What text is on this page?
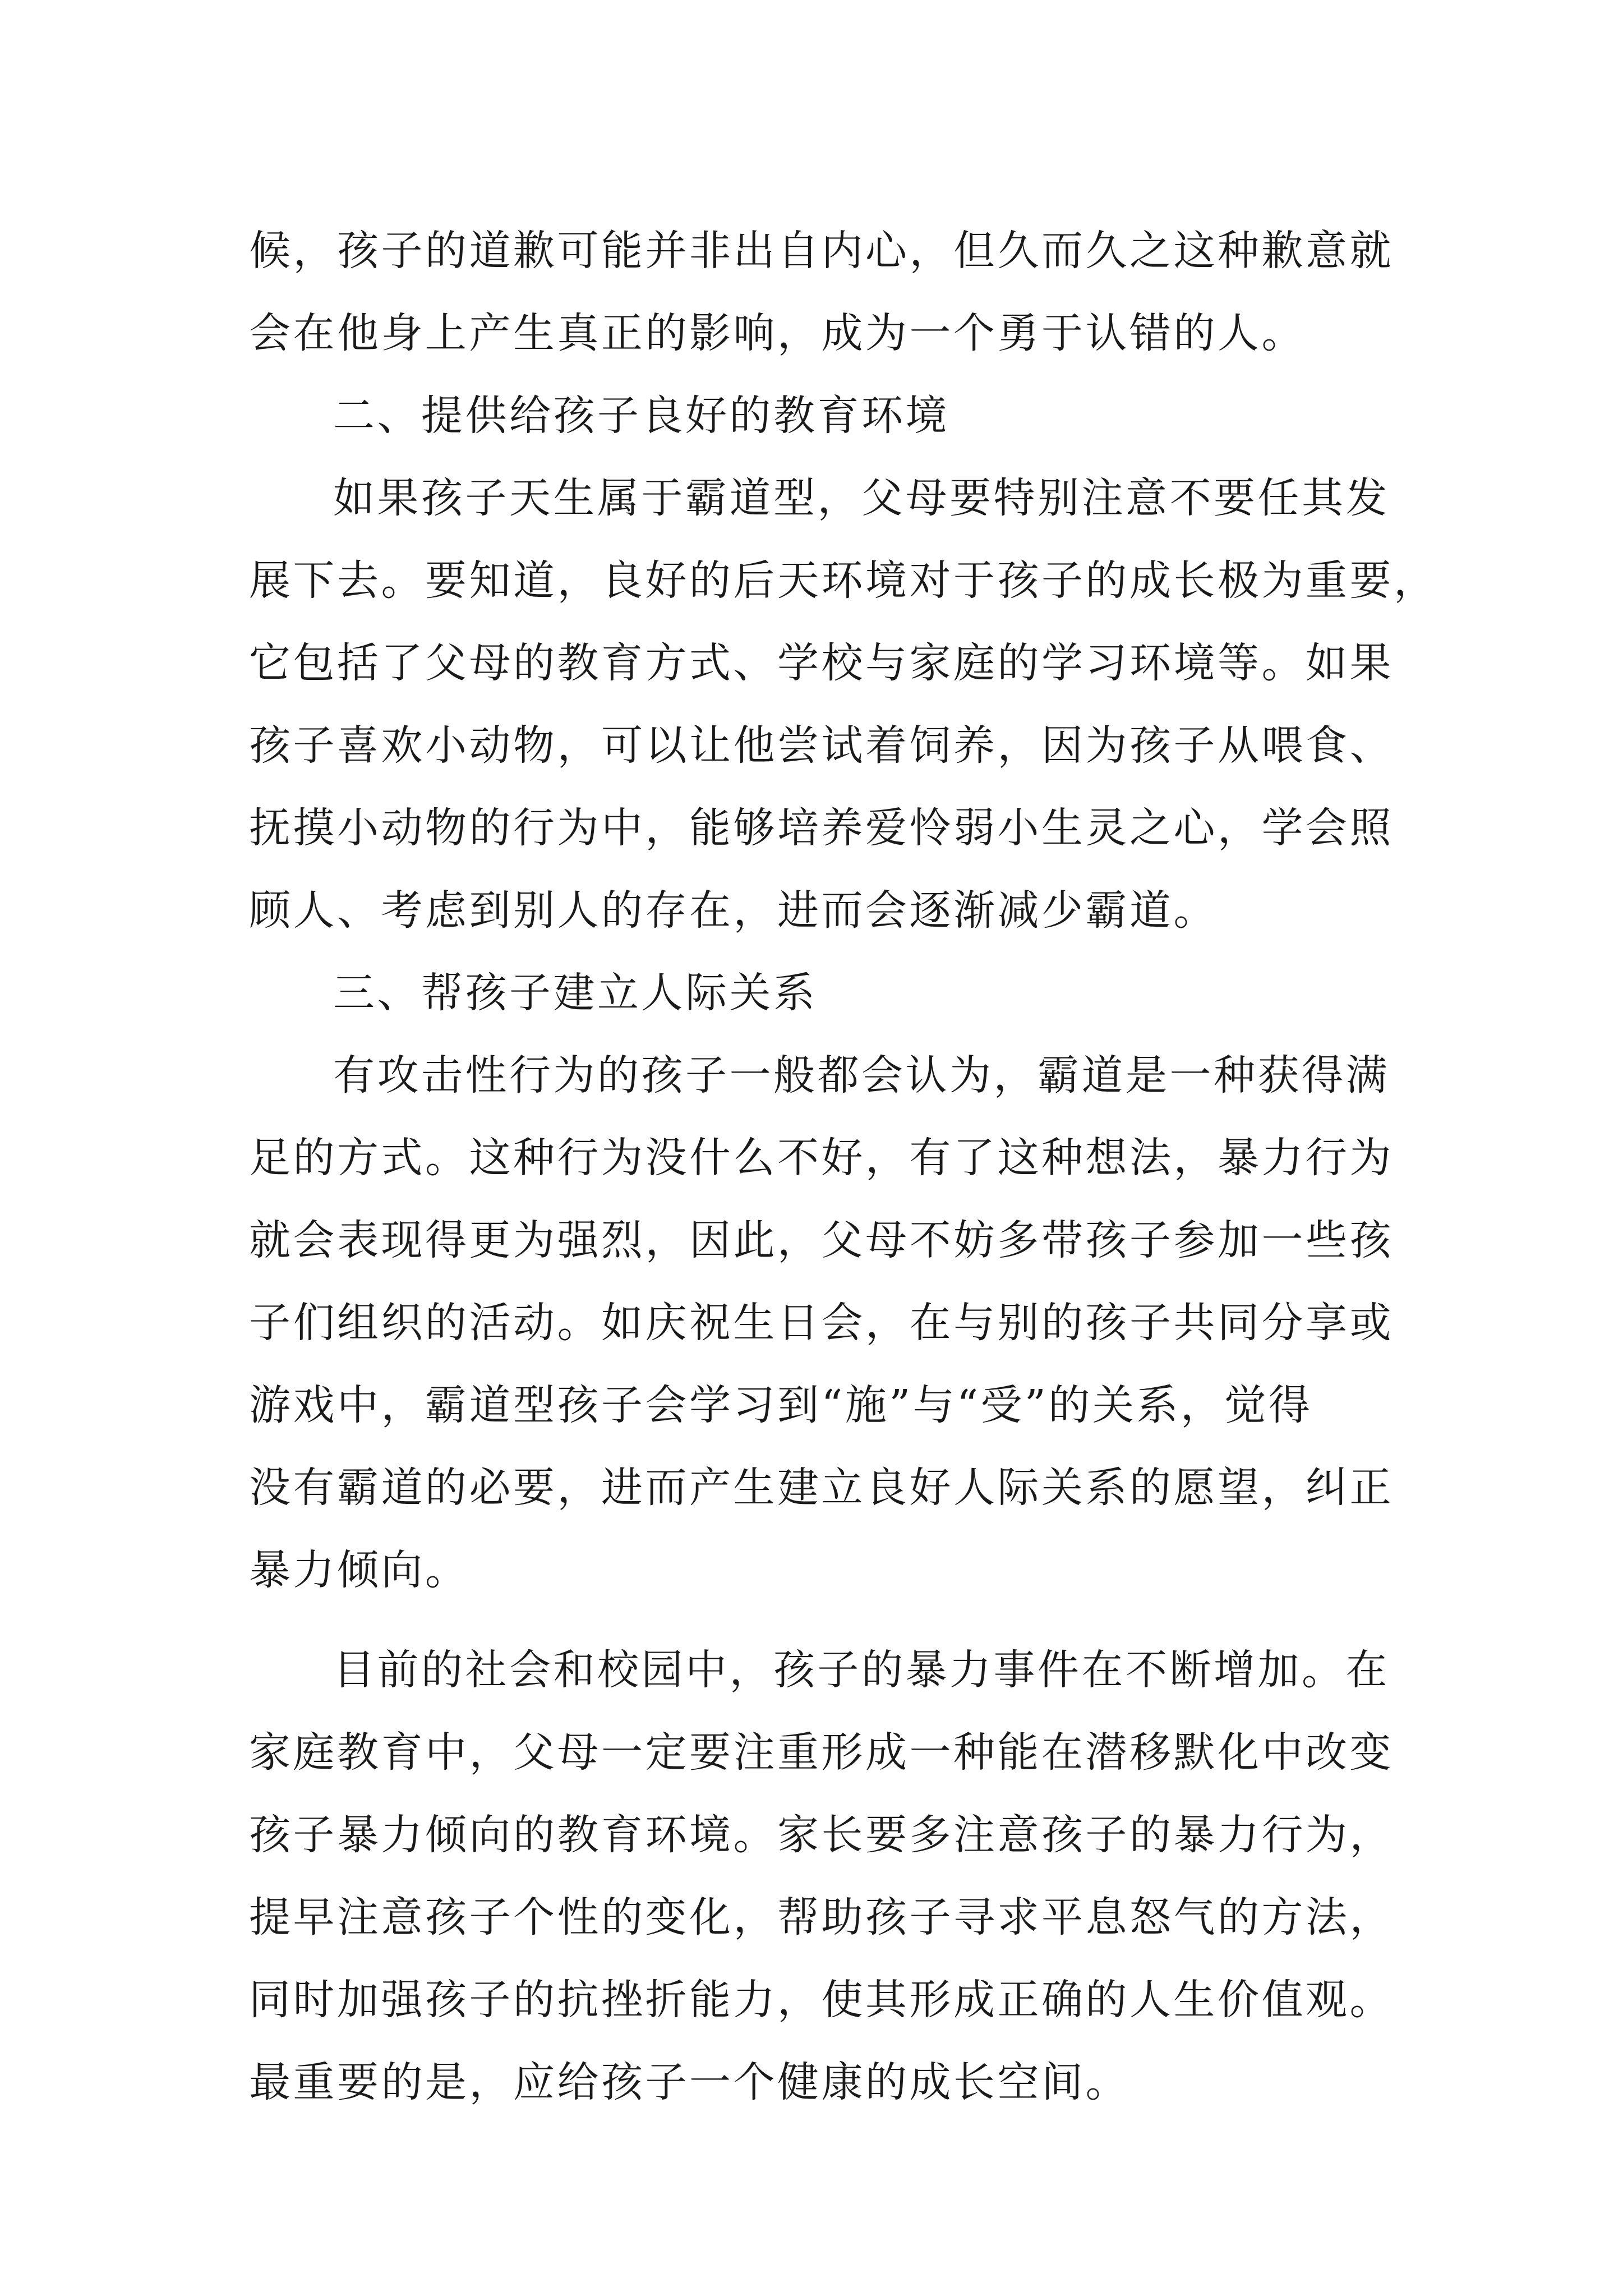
候，孩子的道歉可能并非出自内心，但久而久之这种歉意就
会在他身上产生真正的影响，成为一个勇于认错的人。
二、提供给孩子良好的教育环境
如果孩子天生属于霸道型，父母要特别注意不要任其发
展下去。要知道，良好的后天环境对于孩子的成长极为重要，
它包括了父母的教育方式、学校与家庭的学习环境等。如果
孩子喜欢小动物，可以让他尝试着饲养，因为孩子从喂食、
抚摸小动物的行为中，能够培养爱怜弱小生灵之心，学会照
顾人、考虑到别人的存在，进而会逐渐减少霸道。
三、帮孩子建立人际关系
有攻击性行为的孩子一般都会认为，霸道是一种获得满
足的方式。这种行为没什么不好，有了这种想法，暴力行为
就会表现得更为强烈，因此，父母不妨多带孩子参加一些孩
子们组织的活动。如庆祝生日会，在与别的孩子共同分享或
游戏中，霸道型孩子会学习到“施”与“受”的关系，觉得
没有霸道的必要，进而产生建立良好人际关系的愿望，纠正
暴力倾向。
目前的社会和校园中，孩子的暴力事件在不断增加。在
家庭教育中，父母一定要注重形成一种能在潜移默化中改变
孩子暴力倾向的教育环境。家长要多注意孩子的暴力行为，
提早注意孩子个性的变化，帮助孩子寻求平息怒气的方法，
同时加强孩子的抗挫折能力，使其形成正确的人生价值观。
最重要的是，应给孩子一个健康的成长空间。
